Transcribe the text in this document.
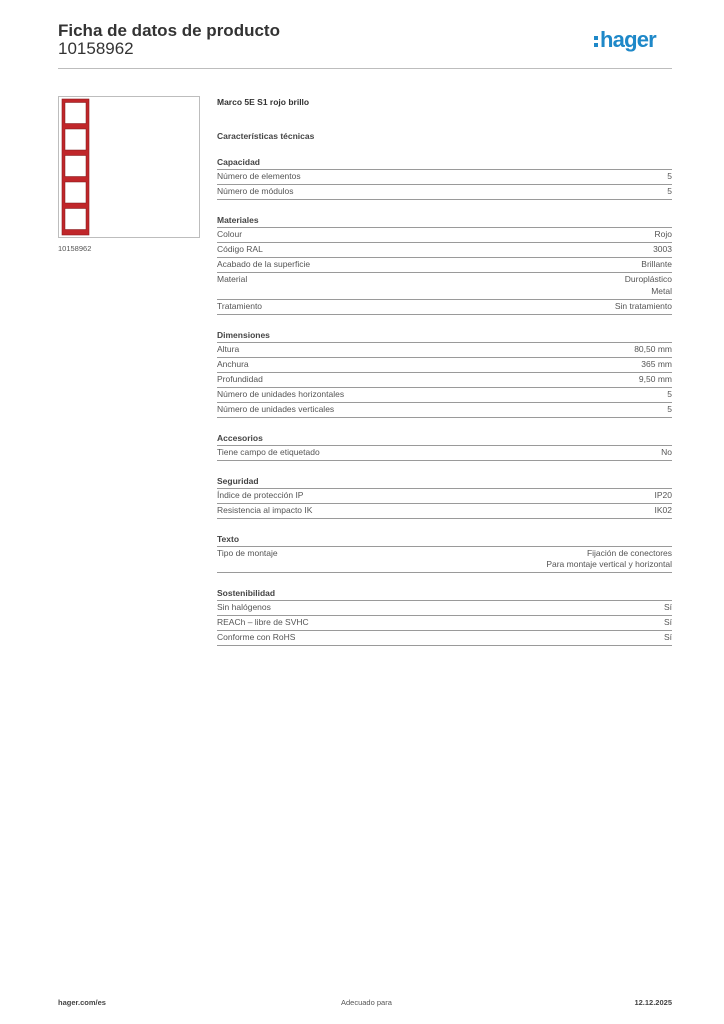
Ficha de datos de producto
10158962	hager
10158962
Marco 5E S1 rojo brillo
Características técnicas
Capacidad
Número de elementos	5
Número de módulos	5
Materiales
Colour	Rojo
Código RAL	3003
Acabado de la superficie	Brillante
Material	Duroplástico
Metal
Tratamiento	Sin tratamiento
Dimensiones
Altura	80,50 mm
Anchura	365 mm
Profundidad	9,50 mm
Número de unidades horizontales	5
Número de unidades verticales	5
Accesorios
Tiene campo de etiquetado	No
Seguridad
Índice de protección IP	IP20
Resistencia al impacto IK	IK02
Texto
Tipo de montaje	Fijación de conectores
Para montaje vertical y horizontal
Sostenibilidad
Sin halógenos	Sí
REACh – libre de SVHC	Sí
Conforme con RoHS	Sí
hager.com/es	Adecuado para	12.12.2025
